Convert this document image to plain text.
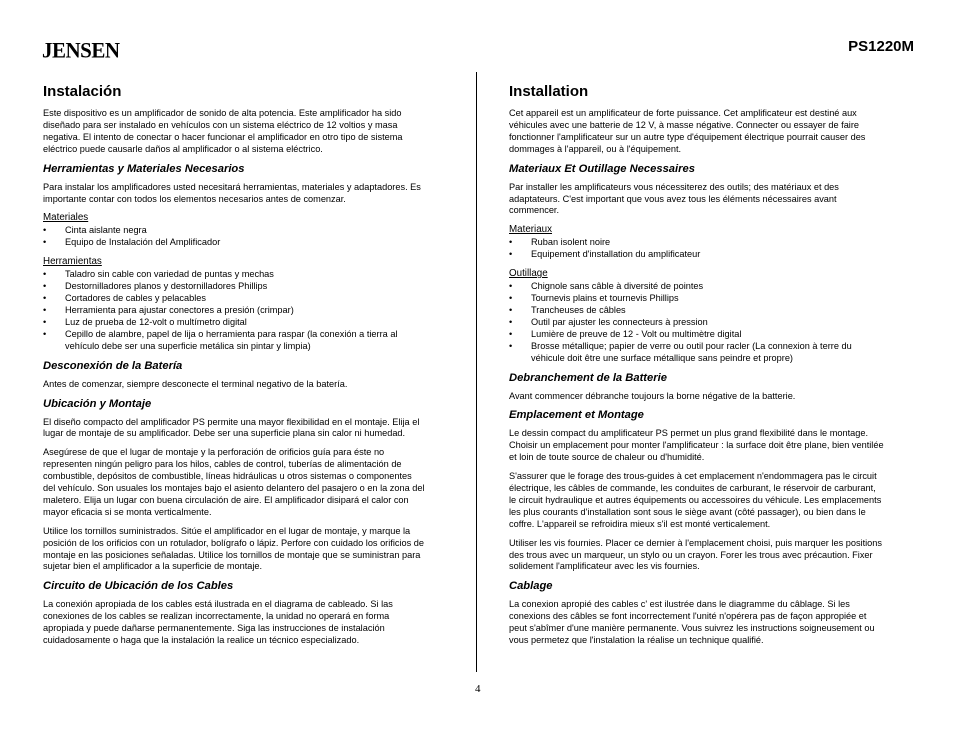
JENSEN	PS1220M
Instalación

Este dispositivo es un amplificador de sonido de alta potencia. Este amplificador ha sido diseñado para ser instalado en vehículos con un sistema eléctrico de 12 voltios y masa negativa. El intento de conectar o hacer funcionar el amplificador en otro tipo de sistema eléctrico puede causarle daños al amplificador o al sistema eléctrico.

Herramientas y Materiales Necesarios

Para instalar los amplificadores usted necesitará herramientas, materiales y adaptadores. Es importante contar con todos los elementos necesarios antes de comenzar.

Materiales
• Cinta aislante negra
• Equipo de Instalación del Amplificador
Herramientas
• Taladro sin cable con variedad de puntas y mechas
• Destornilladores planos y destornilladores Phillips
• Cortadores de cables y pelacables
• Herramienta para ajustar conectores a presión (crimpar)
• Luz de prueba de 12-volt o multímetro digital
• Cepillo de alambre, papel de lija o herramienta para raspar (la conexión a tierra al vehículo debe ser una superficie metálica sin pintar y limpia)
Desconexión de la Batería

Antes de comenzar, siempre desconecte el terminal negativo de la batería.

Ubicación y Montaje

El diseño compacto del amplificador PS permite una mayor flexibilidad en el montaje. Elija el lugar de montaje de su amplificador. Debe ser una superficie plana sin calor ni humedad.

Asegúrese de que el lugar de montaje y la perforación de orificios guía para éste no representen ningún peligro para los hilos, cables de control, tuberías de alimentación de combustible, depósitos de combustible, líneas hidráulicas u otros sistemas o componentes del vehículo. Son usuales los montajes bajo el asiento delantero del pasajero o en la zona del maletero. Elija un lugar con buena circulación de aire. El amplificador disipará el calor con mayor eficacia si se monta verticalmente.

Utilice los tornillos suministrados. Sitúe el amplificador en el lugar de montaje, y marque la posición de los orificios con un rotulador, bolígrafo o lápiz. Perfore con cuidado los orificios de montaje en las posiciones señaladas. Utilice los tornillos de montaje que se suministran para sujetar bien el amplificador a la superficie de montaje.

Circuito de Ubicación de los Cables

La conexión apropiada de los cables está ilustrada en el diagrama de cableado. Si las conexiones de los cables se realizan incorrectamente, la unidad no operará en forma apropiada y puede dañarse permanentemente. Siga las instrucciones de instalación cuidadosamente o haga que la instalación la realice un técnico especializado.

Installation

Cet appareil est un amplificateur de forte puissance. Cet amplificateur est destiné aux véhicules avec une batterie de 12 V, à masse négative. Connecter ou essayer de faire fonctionner l'amplificateur sur un autre type d'équipement électrique pourrait causer des dommages à l'appareil, ou à l'équipement.

Materiaux Et Outillage Necessaires

Par installer les amplificateurs vous nécessiterez des outils; des matériaux et des adaptateurs. C'est important que vous avez tous les éléments nécessaires avant commencer.

Materiaux
• Ruban isolent noire
• Equipement d'installation du amplificateur
Outillage
• Chignole sans câble à diversité de pointes
• Tournevis plains et tournevis Phillips
• Trancheuses de câbles
• Outil par ajuster les connecteurs à pression
• Lumière de preuve de 12 - Volt ou multimètre digital
• Brosse métallique; papier de verre ou outil pour racler (La connexion à terre du véhicule doit être une surface métallique sans peindre et propre)
Debranchement de la Batterie

Avant commencer débranche toujours la borne négative de la batterie.

Emplacement et Montage

Le dessin compact du amplificateur PS permet un plus grand flexibilité dans le montage. Choisir un emplacement pour monter l'amplificateur : la surface doit être plane, bien ventilée et loin de toute source de chaleur ou d'humidité.

S'assurer que le forage des trous-guides à cet emplacement n'endommagera pas le circuit électrique, les câbles de commande, les conduites de carburant, le réservoir de carburant, le circuit hydraulique et autres équipements ou accessoires du véhicule. Les emplacements les plus courants d'installation sont sous le siège avant (côté passager), ou bien dans le coffre. L'appareil se refroidira mieux s'il est monté verticalement.

Utiliser les vis fournies. Placer ce dernier à l'emplacement choisi, puis marquer les positions des trous avec un marqueur, un stylo ou un crayon. Forer les trous avec précaution. Fixer solidement l'amplificateur avec les vis fournies.

Cablage

La conexion apropié des cables c' est ilustrée dans le diagramme du câblage. Si les conexions des câbles se font incorrectement l'unité n'opérera pas de façon appropiée et peut s'abîmer d'une manière permanente. Vous suivrez les instructions soigneusement ou vous permetez que l'instalation la réalise un technique qualifié.

4
